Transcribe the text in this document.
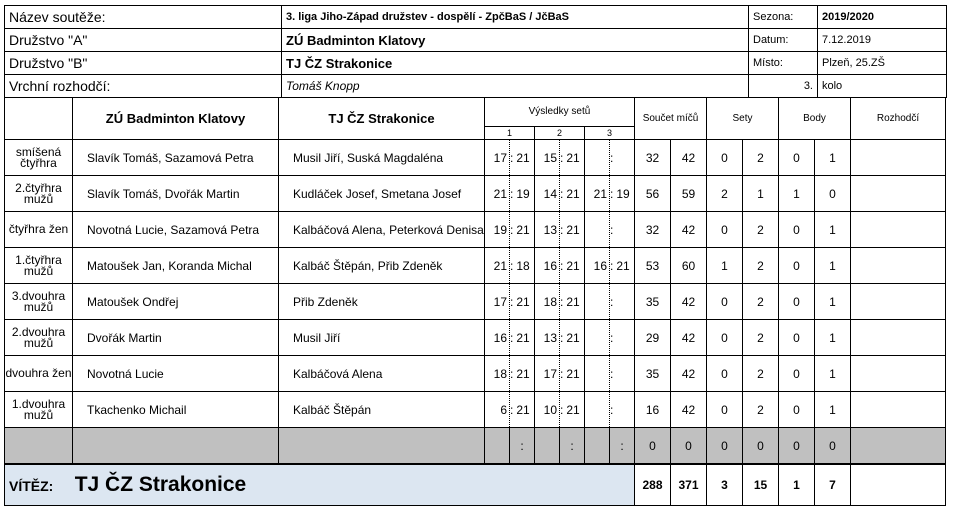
Název soutěže:	3. liga Jiho-Západ družstev - dospělí - ZpčBaS / JčBaS	Sezona:	2019/2020
Družstvo "A"	ZÚ Badminton Klatovy	Datum:	7.12.2019
Družstvo "B"	TJ ČZ Strakonice	Místo:	Plzeň, 25.ZŠ
Vrchní rozhodčí:	Tomáš Knopp	3.	kolo
	ZÚ Badminton Klatovy	TJ ČZ Strakonice	Výsledky setů
1 2 3						Součet míčů		Sety		Body		Rozhodčí
smíšená čtyřhra	Slavík Tomáš, Sazamová Petra	Musil Jiří, Suská Magdaléna	17	: 21	15	: 21		:	32	42	0	2	0	1	
2.čtyřhra mužů	Slavík Tomáš, Dvořák Martin	Kudláček Josef, Smetana Josef	21	: 19	14	: 21	21	: 19	56	59	2	1	1	0	
čtyřhra žen	Novotná Lucie, Sazamová Petra	Kalbáčová Alena, Peterková Denisa	19	: 21	13	: 21		:	32	42	0	2	0	1	
1.čtyřhra mužů	Matoušek Jan, Koranda Michal	Kalbáč Štěpán, Přib Zdeněk	21	: 18	16	: 21	16	: 21	53	60	1	2	0	1	
3.dvouhra mužů	Matoušek Ondřej	Přib Zdeněk	17	: 21	18	: 21		:	35	42	0	2	0	1	
2.dvouhra mužů	Dvořák Martin	Musil Jiří	16	: 21	13	: 21		:	29	42	0	2	0	1	
dvouhra žen	Novotná Lucie	Kalbáčová Alena	18	: 21	17	: 21		:	35	42	0	2	0	1	
1.dvouhra mužů	Tkachenko Michail	Kalbáč Štěpán	6	: 21	10	: 21		:	16	42	0	2	0	1	
				:		:		:	0	0	0	0	0	0	
VÍTĚZ: TJ ČZ Strakonice									288	371	3	15	1	7	
